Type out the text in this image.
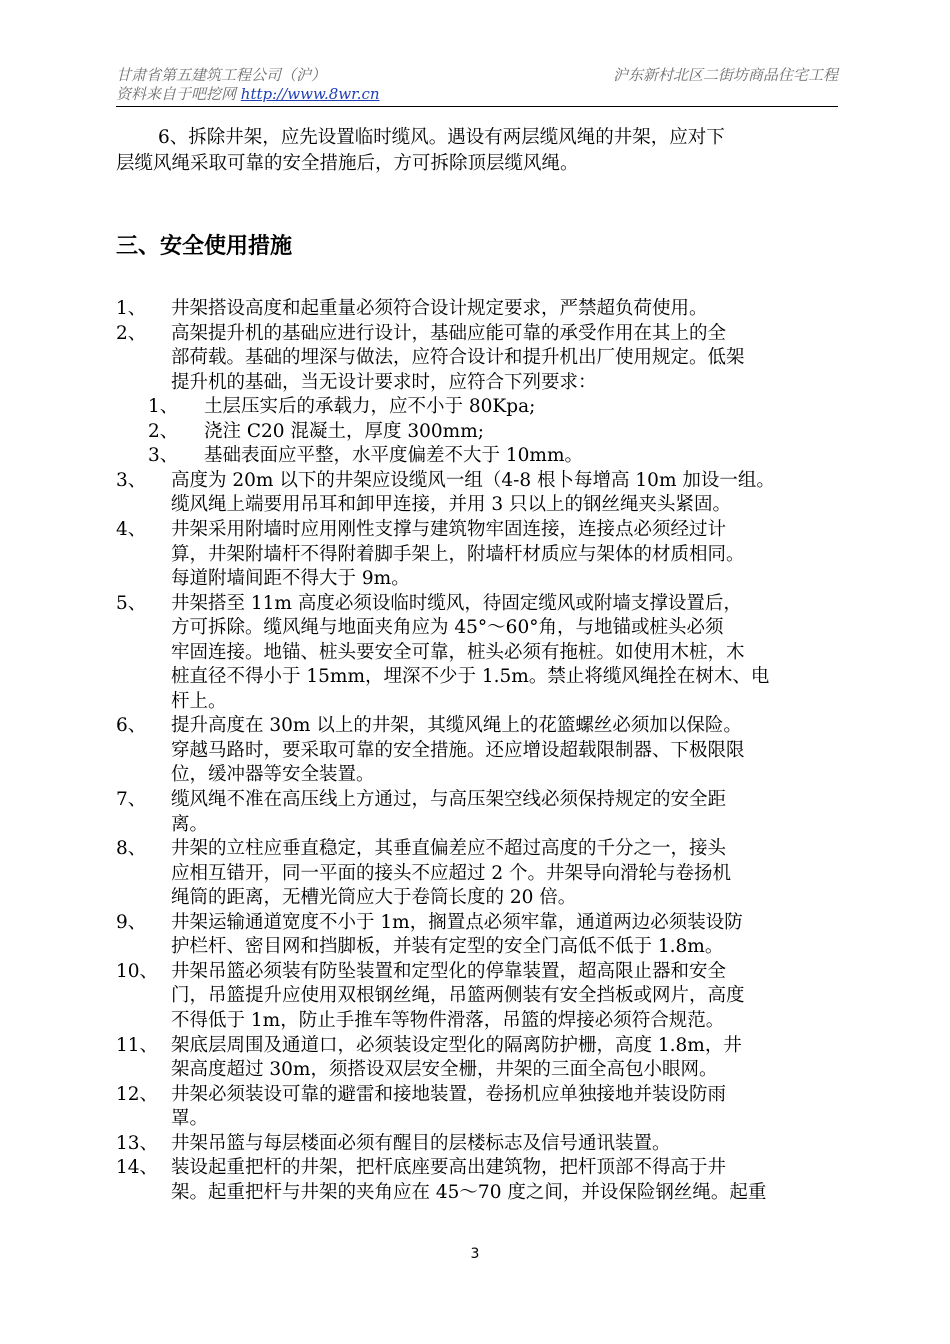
甘肃省第五建筑工程公司（沪）
资料来自于吧挖网 http://www.8wr.cn
沪东新村北区二街坊商品住宅工程
6、拆除井架，应先设置临时缆风。遇设有两层缆风绳的井架，应对下
层缆风绳采取可靠的安全措施后，方可拆除顶层缆风绳。
三、安全使用措施
1、 井架搭设高度和起重量必须符合设计规定要求，严禁超负荷使用。
2、 高架提升机的基础应进行设计，基础应能可靠的承受作用在其上的全
部荷载。基础的埋深与做法，应符合设计和提升机出厂使用规定。低架
提升机的基础，当无设计要求时，应符合下列要求：
1、 土层压实后的承载力，应不小于 80Kpa;
2、 浇注 C20 混凝土，厚度 300mm;
3、 基础表面应平整，水平度偏差不大于 10mm。
3、 高度为 20m 以下的井架应设缆风一组（4-8 根卜每增高 10m 加设一组。
缆风绳上端要用吊耳和卸甲连接，并用 3 只以上的钢丝绳夹头紧固。
4、 井架采用附墙时应用刚性支撑与建筑物牢固连接，连接点必须经过计
算，井架附墙杆不得附着脚手架上，附墙杆材质应与架体的材质相同。
每道附墙间距不得大于 9m。
5、 井架搭至 11m 高度必须设临时缆风，待固定缆风或附墙支撑设置后，
方可拆除。缆风绳与地面夹角应为 45°～60°角，与地锚或桩头必须
牢固连接。地锚、桩头要安全可靠，桩头必须有拖桩。如使用木桩，木
桩直径不得小于 15mm，埋深不少于 1.5m。禁止将缆风绳拴在树木、电
杆上。
6、 提升高度在 30m 以上的井架，其缆风绳上的花篮螺丝必须加以保险。
穿越马路时，要采取可靠的安全措施。还应增设超载限制器、下极限限
位，缓冲器等安全装置。
7、 缆风绳不准在高压线上方通过，与高压架空线必须保持规定的安全距
离。
8、 井架的立柱应垂直稳定，其垂直偏差应不超过高度的千分之一，接头
应相互错开，同一平面的接头不应超过 2 个。井架导向滑轮与卷扬机
绳筒的距离，无槽光筒应大于卷筒长度的 20 倍。
9、 井架运输通道宽度不小于 1m，搁置点必须牢靠，通道两边必须装设防
护栏杆、密目网和挡脚板，并装有定型的安全门高低不低于 1.8m。
10、 井架吊篮必须装有防坠装置和定型化的停靠装置，超高限止器和安全
门，吊篮提升应使用双根钢丝绳，吊篮两侧装有安全挡板或网片，高度
不得低于 1m，防止手推车等物件滑落，吊篮的焊接必须符合规范。
11、 架底层周围及通道口，必须装设定型化的隔离防护栅，高度 1.8m，井
架高度超过 30m，须搭设双层安全栅，井架的三面全高包小眼网。
12、 井架必须装设可靠的避雷和接地装置，卷扬机应单独接地并装设防雨
罩。
13、 井架吊篮与每层楼面必须有醒目的层楼标志及信号通讯装置。
14、 装设起重把杆的井架，把杆底座要高出建筑物，把杆顶部不得高于井
架。起重把杆与井架的夹角应在 45～70 度之间，并设保险钢丝绳。起重
3
